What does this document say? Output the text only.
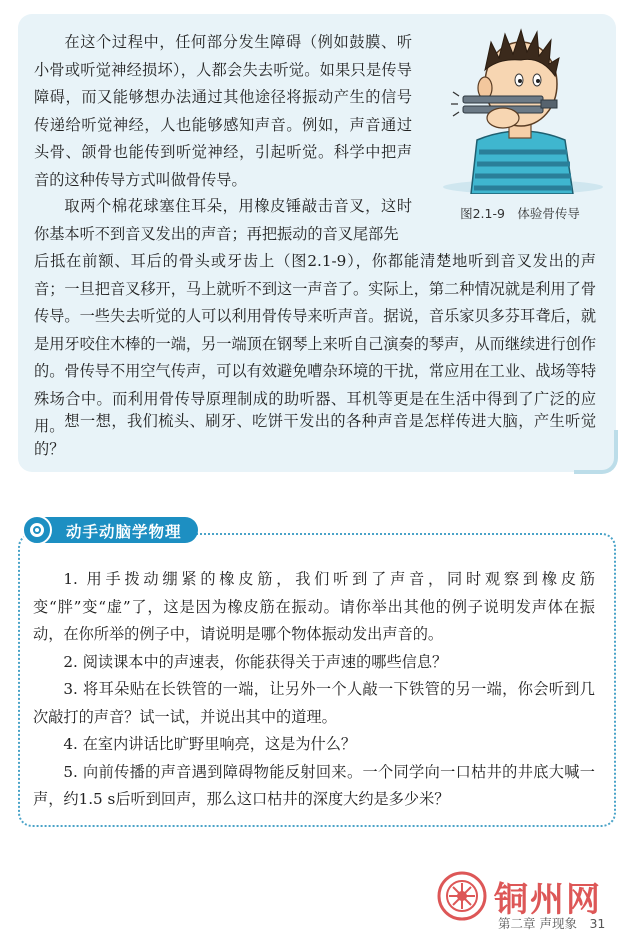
在这个过程中，任何部分发生障碍（例如鼓膜、听小骨或听觉神经损坏），人都会失去听觉。如果只是传导障碍，而又能够想办法通过其他途径将振动产生的信号传递给听觉神经，人也能够感知声音。例如，声音通过头骨、颌骨也能传到听觉神经，引起听觉。科学中把声音的这种传导方式叫做骨传导。

取两个棉花球塞住耳朵，用橡皮锤敲击音叉，这时你基本听不到音叉发出的声音；再把振动的音叉尾部先

后抵在前额、耳后的骨头或牙齿上（图2.1-9），你都能清楚地听到音叉发出的声音；一旦把音叉移开，马上就听不到这一声音了。实际上，第二种情况就是利用了骨传导。一些失去听觉的人可以利用骨传导来听声音。据说，音乐家贝多芬耳聋后，就是用牙咬住木棒的一端，另一端顶在钢琴上来听自己演奏的琴声，从而继续进行创作的。骨传导不用空气传声，可以有效避免嘈杂环境的干扰，常应用在工业、战场等特殊场合中。而利用骨传导原理制成的助听器、耳机等更是在生活中得到了广泛的应用。 想一想，我们梳头、刷牙、吃饼干发出的各种声音是怎样传进大脑，产生听觉的？

图2.1-9　体验骨传导
动手动脑学物理
1. 用手拨动绷紧的橡皮筋，我们听到了声音，同时观察到橡皮筋变“胖”变“虚”了，这是因为橡皮筋在振动。请你举出其他的例子说明发声体在振动，在你所举的例子中，请说明是哪个物体振动发出声音的。
2. 阅读课本中的声速表，你能获得关于声速的哪些信息？
3. 将耳朵贴在长铁管的一端，让另外一个人敲一下铁管的另一端，你会听到几次敲打的声音？试一试，并说出其中的道理。
4. 在室内讲话比旷野里响亮，这是为什么？
5. 向前传播的声音遇到障碍物能反射回来。一个同学向一口枯井的井底大喊一声，约1.5 s后听到回声，那么这口枯井的深度大约是多少米？
第二章 声现象　31
铜州网
